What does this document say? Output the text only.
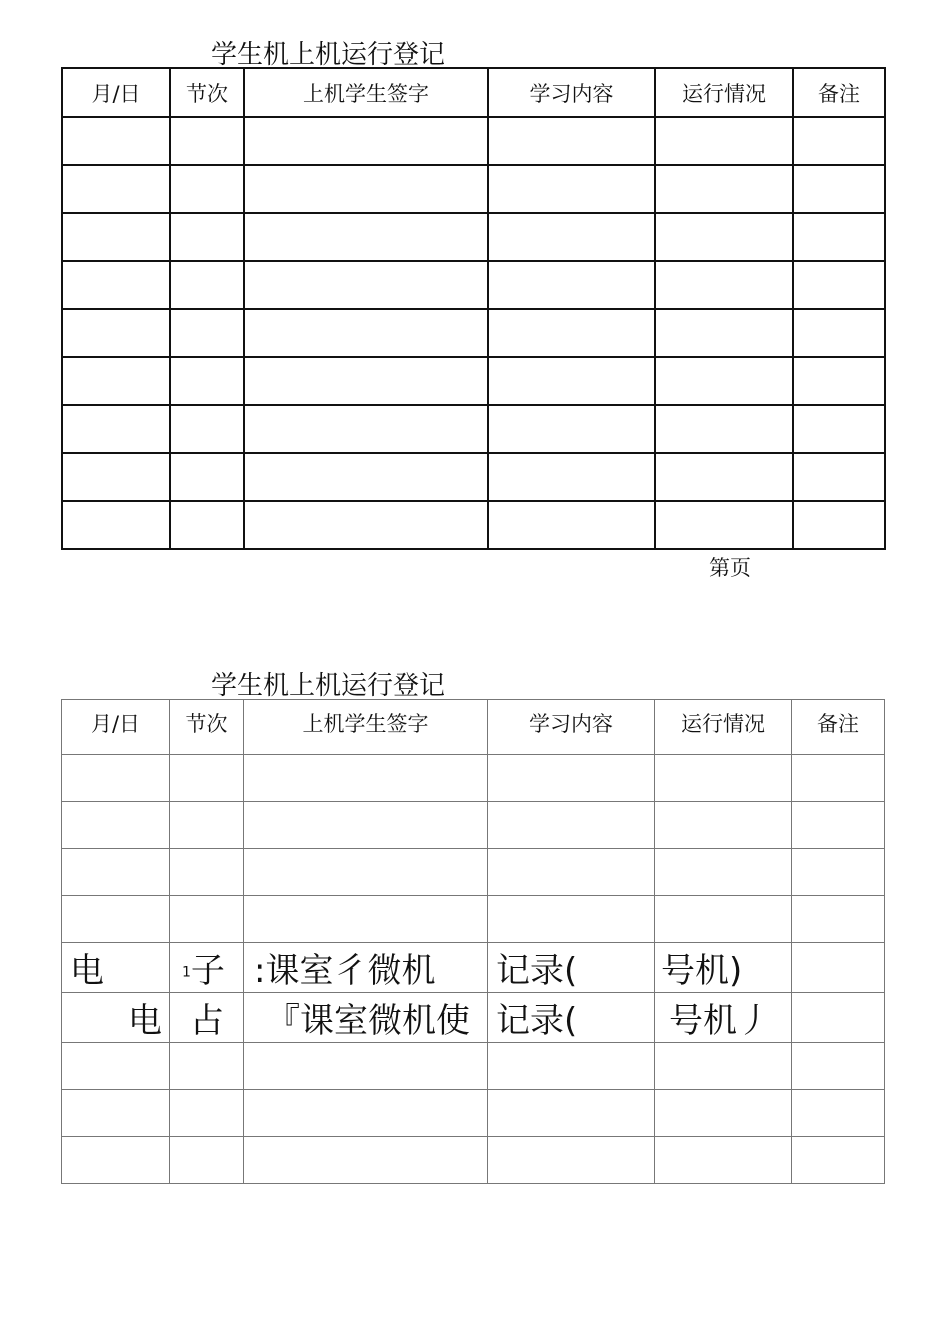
学生机上机运行登记
月/日	节次	上机学生签字	学习内容	运行情况	备注

第页
学生机上机运行登记
月/日	节次	上机学生签字	学习内容	运行情况	备注

电	1子	:课室彳微机	记录(	号机)	
电	占	『课室微机使	记录(	号机丿	
